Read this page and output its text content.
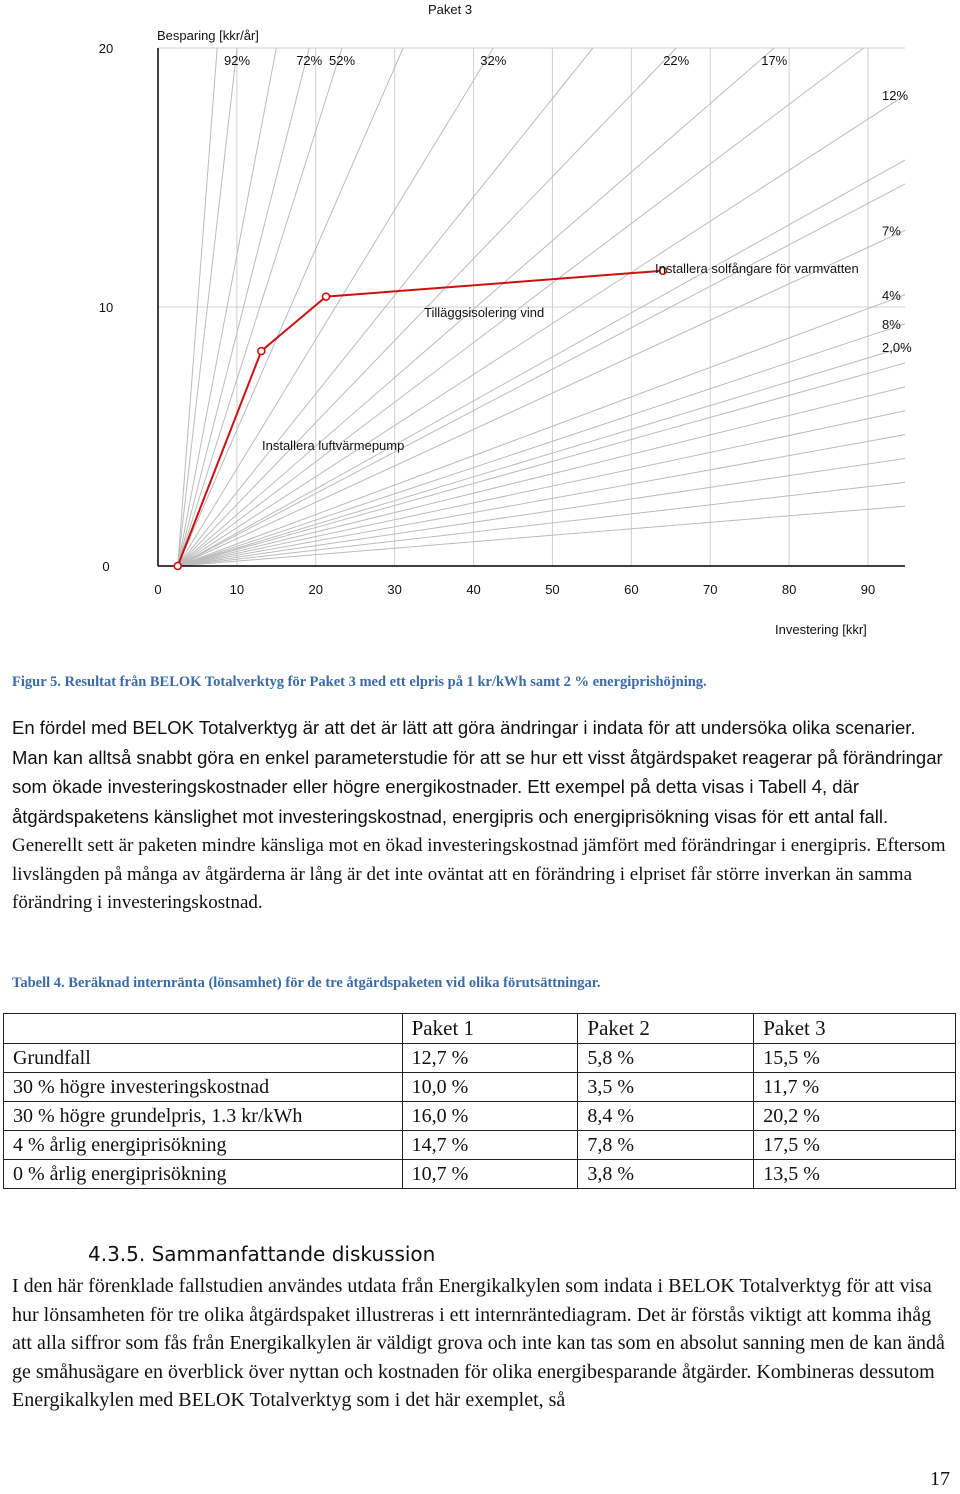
Paket 3
Besparing [kkr/år]
Investering [kkr]
Installera luftvärmepump
Tilläggsisolering vind
Installera solfångare för varmvatten
0	10	20	30	40	50	60	70	80	90
0
10
20
92%	72% 52%	32%	22%	17%
12%
7%
4%
8%
2,0%
Figur 5. Resultat från BELOK Totalverktyg för Paket 3 med ett elpris på 1 kr/kWh samt 2 % energiprishöjning.

En fördel med BELOK Totalverktyg är att det är lätt att göra ändringar i indata för att undersöka olika scenarier. Man kan alltså snabbt göra en enkel parameterstudie för att se hur ett visst åtgärdspaket reagerar på förändringar som ökade investeringskostnader eller högre energikostnader. Ett exempel på detta visas i Tabell 4, där åtgärdspaketens känslighet mot investeringskostnad, energipris och energiprisökning visas för ett antal fall. Generellt sett är paketen mindre känsliga mot en ökad investeringskostnad jämfört med förändringar i energipris. Eftersom livslängden på många av åtgärderna är lång är det inte oväntat att en förändring i elpriset får större inverkan än samma förändring i investeringskostnad.

Tabell 4. Beräknad internränta (lönsamhet) för de tre åtgärdspaketen vid olika förutsättningar.
	Paket 1	Paket 2	Paket 3
Grundfall	12,7 %	5,8 %	15,5 %
30 % högre investeringskostnad	10,0 %	3,5 %	11,7 %
30 % högre grundelpris, 1.3 kr/kWh	16,0 %	8,4 %	20,2 %
4 % årlig energiprisökning	14,7 %	7,8 %	17,5 %
0 % årlig energiprisökning	10,7 %	3,8 %	13,5 %
4.3.5. Sammanfattande diskussion

I den här förenklade fallstudien användes utdata från Energikalkylen som indata i BELOK Totalverktyg för att visa hur lönsamheten för tre olika åtgärdspaket illustreras i ett internräntediagram. Det är förstås viktigt att komma ihåg att alla siffror som fås från Energikalkylen är väldigt grova och inte kan tas som en absolut sanning men de kan ändå ge småhusägare en överblick över nyttan och kostnaden för olika energibesparande åtgärder. Kombineras dessutom Energikalkylen med BELOK Totalverktyg som i det här exemplet, så

17
